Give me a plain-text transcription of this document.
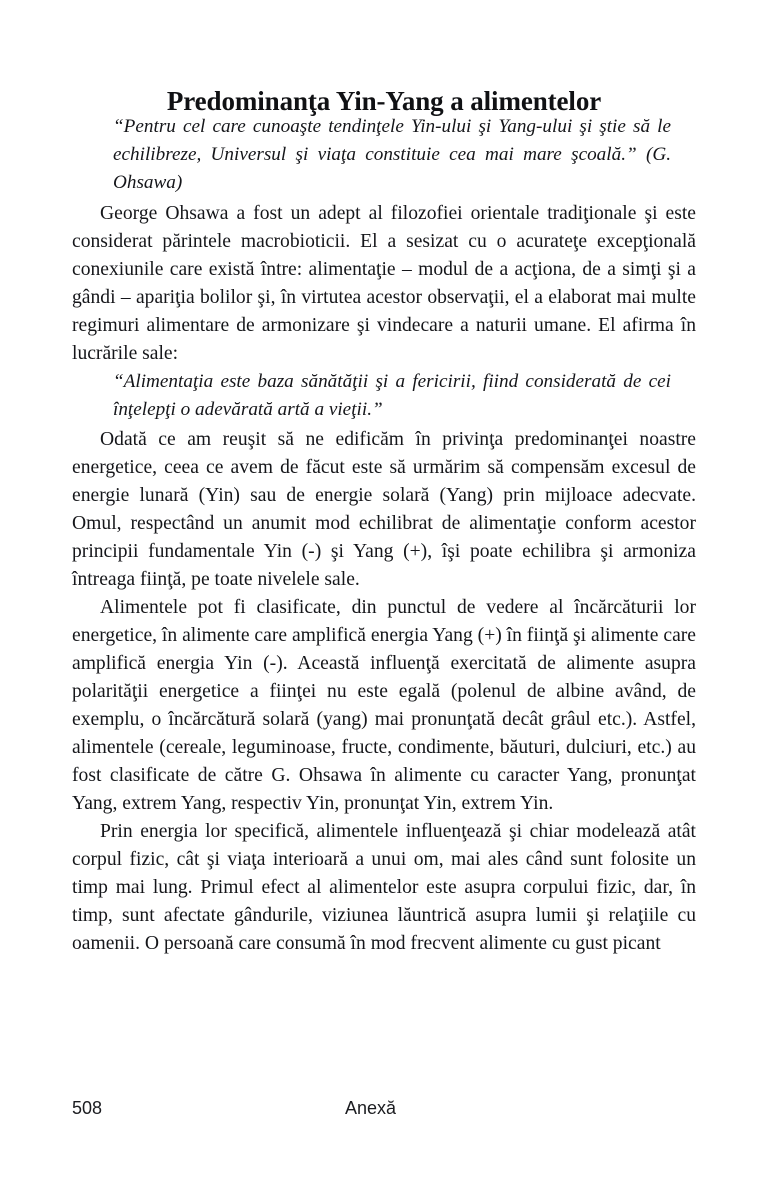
Predominanţa Yin-Yang a alimentelor

“Pentru cel care cunoaşte tendinţele Yin-ului şi Yang-ului şi ştie să le echilibreze, Universul şi viaţa constituie cea mai mare şcoală.” (G. Ohsawa)

George Ohsawa a fost un adept al filozofiei orientale tradiţionale şi este considerat părintele macrobioticii. El a sesizat cu o acurateţe excepţională conexiunile care există între: alimentaţie – modul de a acţiona, de a simţi şi a gândi – apariţia bolilor şi, în virtutea acestor observaţii, el a elaborat mai multe regimuri alimentare de armonizare şi vindecare a naturii umane. El afirma în lucrările sale:

“Alimentaţia este baza sănătăţii şi a fericirii, fiind considerată de cei înţelepţi o adevărată artă a vieţii.”

Odată ce am reuşit să ne edificăm în privinţa predominanţei noastre energetice, ceea ce avem de făcut este să urmărim să compensăm excesul de energie lunară (Yin) sau de energie solară (Yang) prin mijloace adecvate. Omul, respectând un anumit mod echilibrat de alimentaţie conform acestor principii fundamentale Yin (-) şi Yang (+), îşi poate echilibra şi armoniza întreaga fiinţă, pe toate nivelele sale.

Alimentele pot fi clasificate, din punctul de vedere al încărcăturii lor energetice, în alimente care amplifică energia Yang (+) în fiinţă şi alimente care amplifică energia Yin (-). Această influenţă exercitată de alimente asupra polarităţii energetice a fiinţei nu este egală (polenul de albine având, de exemplu, o încărcătură solară (yang) mai pronunţată decât grâul etc.). Astfel, alimentele (cereale, leguminoase, fructe, condimente, băuturi, dulciuri, etc.) au fost clasificate de către G. Ohsawa în alimente cu caracter Yang, pronunţat Yang, extrem Yang, respectiv Yin, pronunţat Yin, extrem Yin.

Prin energia lor specifică, alimentele influenţează şi chiar modelează atât corpul fizic, cât şi viaţa interioară a unui om, mai ales când sunt folosite un timp mai lung. Primul efect al alimentelor este asupra corpului fizic, dar, în timp, sunt afectate gândurile, viziunea lăuntrică asupra lumii şi relaţiile cu oamenii. O persoană care consumă în mod frecvent alimente cu gust picant

508	Anexă
